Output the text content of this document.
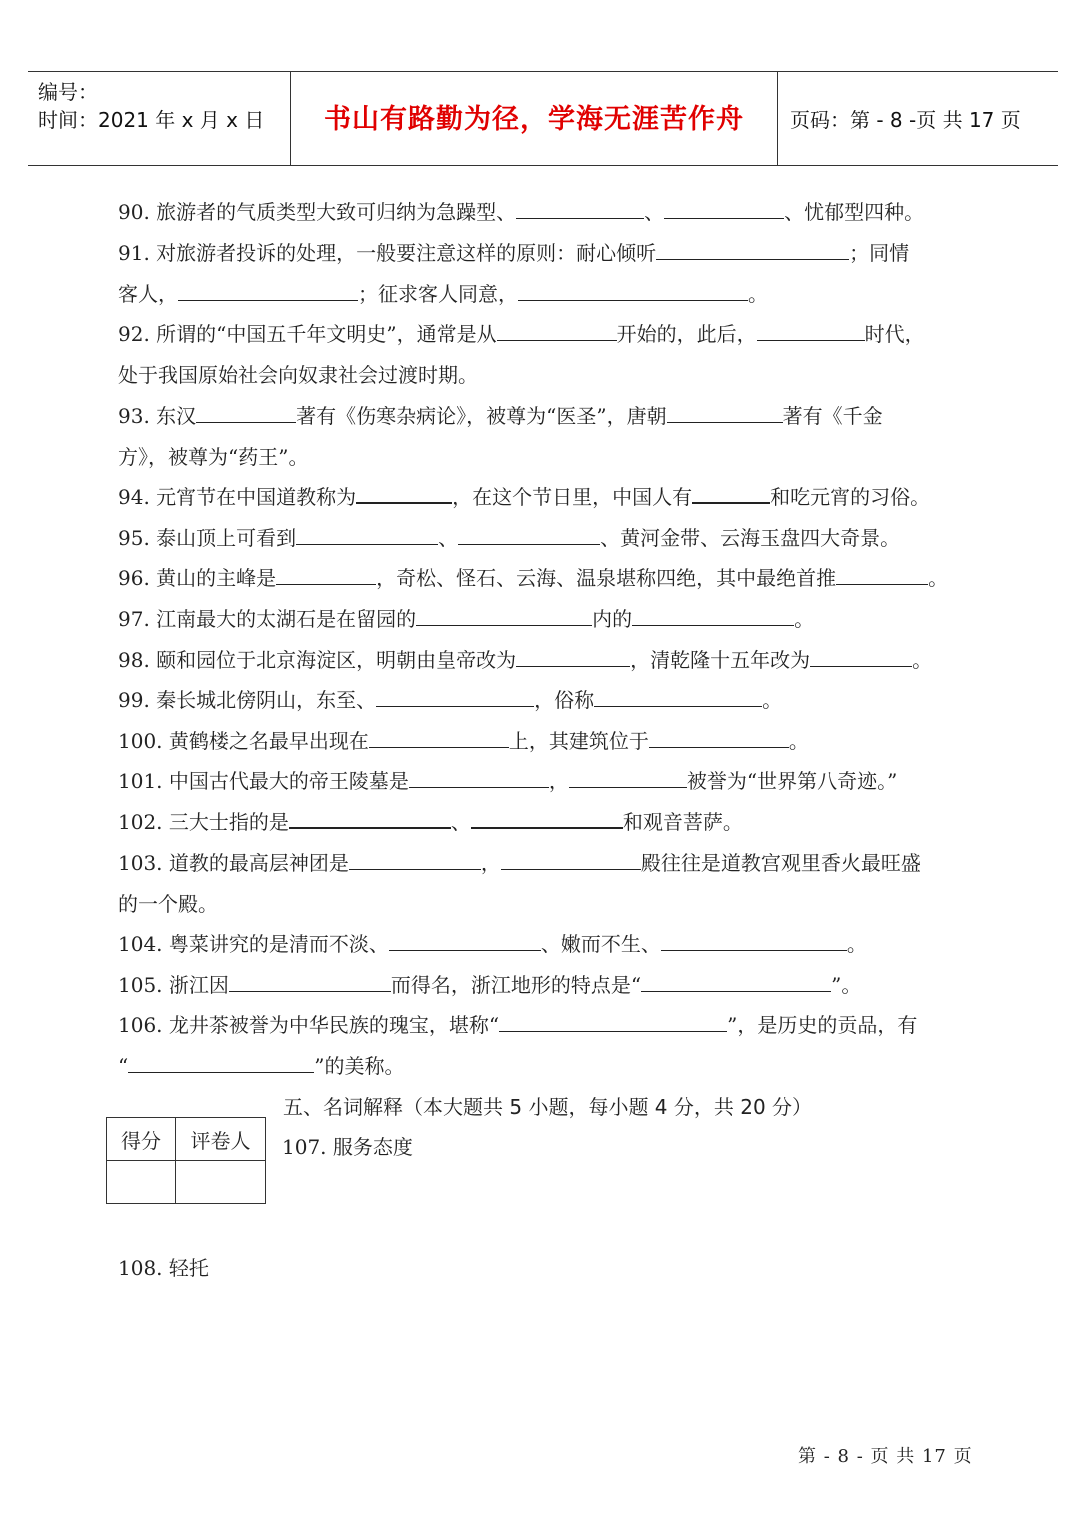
编号：
时间：2021 年 x 月 x 日	书山有路勤为径，学海无涯苦作舟	页码：第 - 8 -页 共 17 页
90. 旅游者的气质类型大致可归纳为急躁型、	、	、忧郁型四种。
91. 对旅游者投诉的处理，一般要注意这样的原则：耐心倾听	；同情
客人，	；征求客人同意，	。
92. 所谓的“中国五千年文明史”，通常是从	开始的，此后，	时代，
处于我国原始社会向奴隶社会过渡时期。
93. 东汉	著有《伤寒杂病论》，被尊为“医圣”，唐朝	著有《千金
方》，被尊为“药王”。
94. 元宵节在中国道教称为	，在这个节日里，中国人有	和吃元宵的习俗。
95. 泰山顶上可看到	、	、黄河金带、云海玉盘四大奇景。
96. 黄山的主峰是	，奇松、怪石、云海、温泉堪称四绝，其中最绝首推	。
97. 江南最大的太湖石是在留园的	内的	。
98. 颐和园位于北京海淀区，明朝由皇帝改为	，清乾隆十五年改为	。
99. 秦长城北傍阴山，东至、	，俗称	。
100. 黄鹤楼之名最早出现在	上，其建筑位于	。
101. 中国古代最大的帝王陵墓是	，	被誉为“世界第八奇迹。”
102. 三大士指的是	、	和观音菩萨。
103. 道教的最高层神团是	，	殿往往是道教宫观里香火最旺盛
的一个殿。
104. 粤菜讲究的是清而不淡、	、嫩而不生、	。
105. 浙江因	而得名，浙江地形的特点是“	”。
106. 龙井茶被誉为中华民族的瑰宝，堪称“	”，是历史的贡品，有
“	”的美称。
五、名词解释（本大题共 5 小题，每小题 4 分，共 20 分）
得分	评卷人
	107. 服务态度
108. 轻托
第 - 8 - 页 共 17 页
